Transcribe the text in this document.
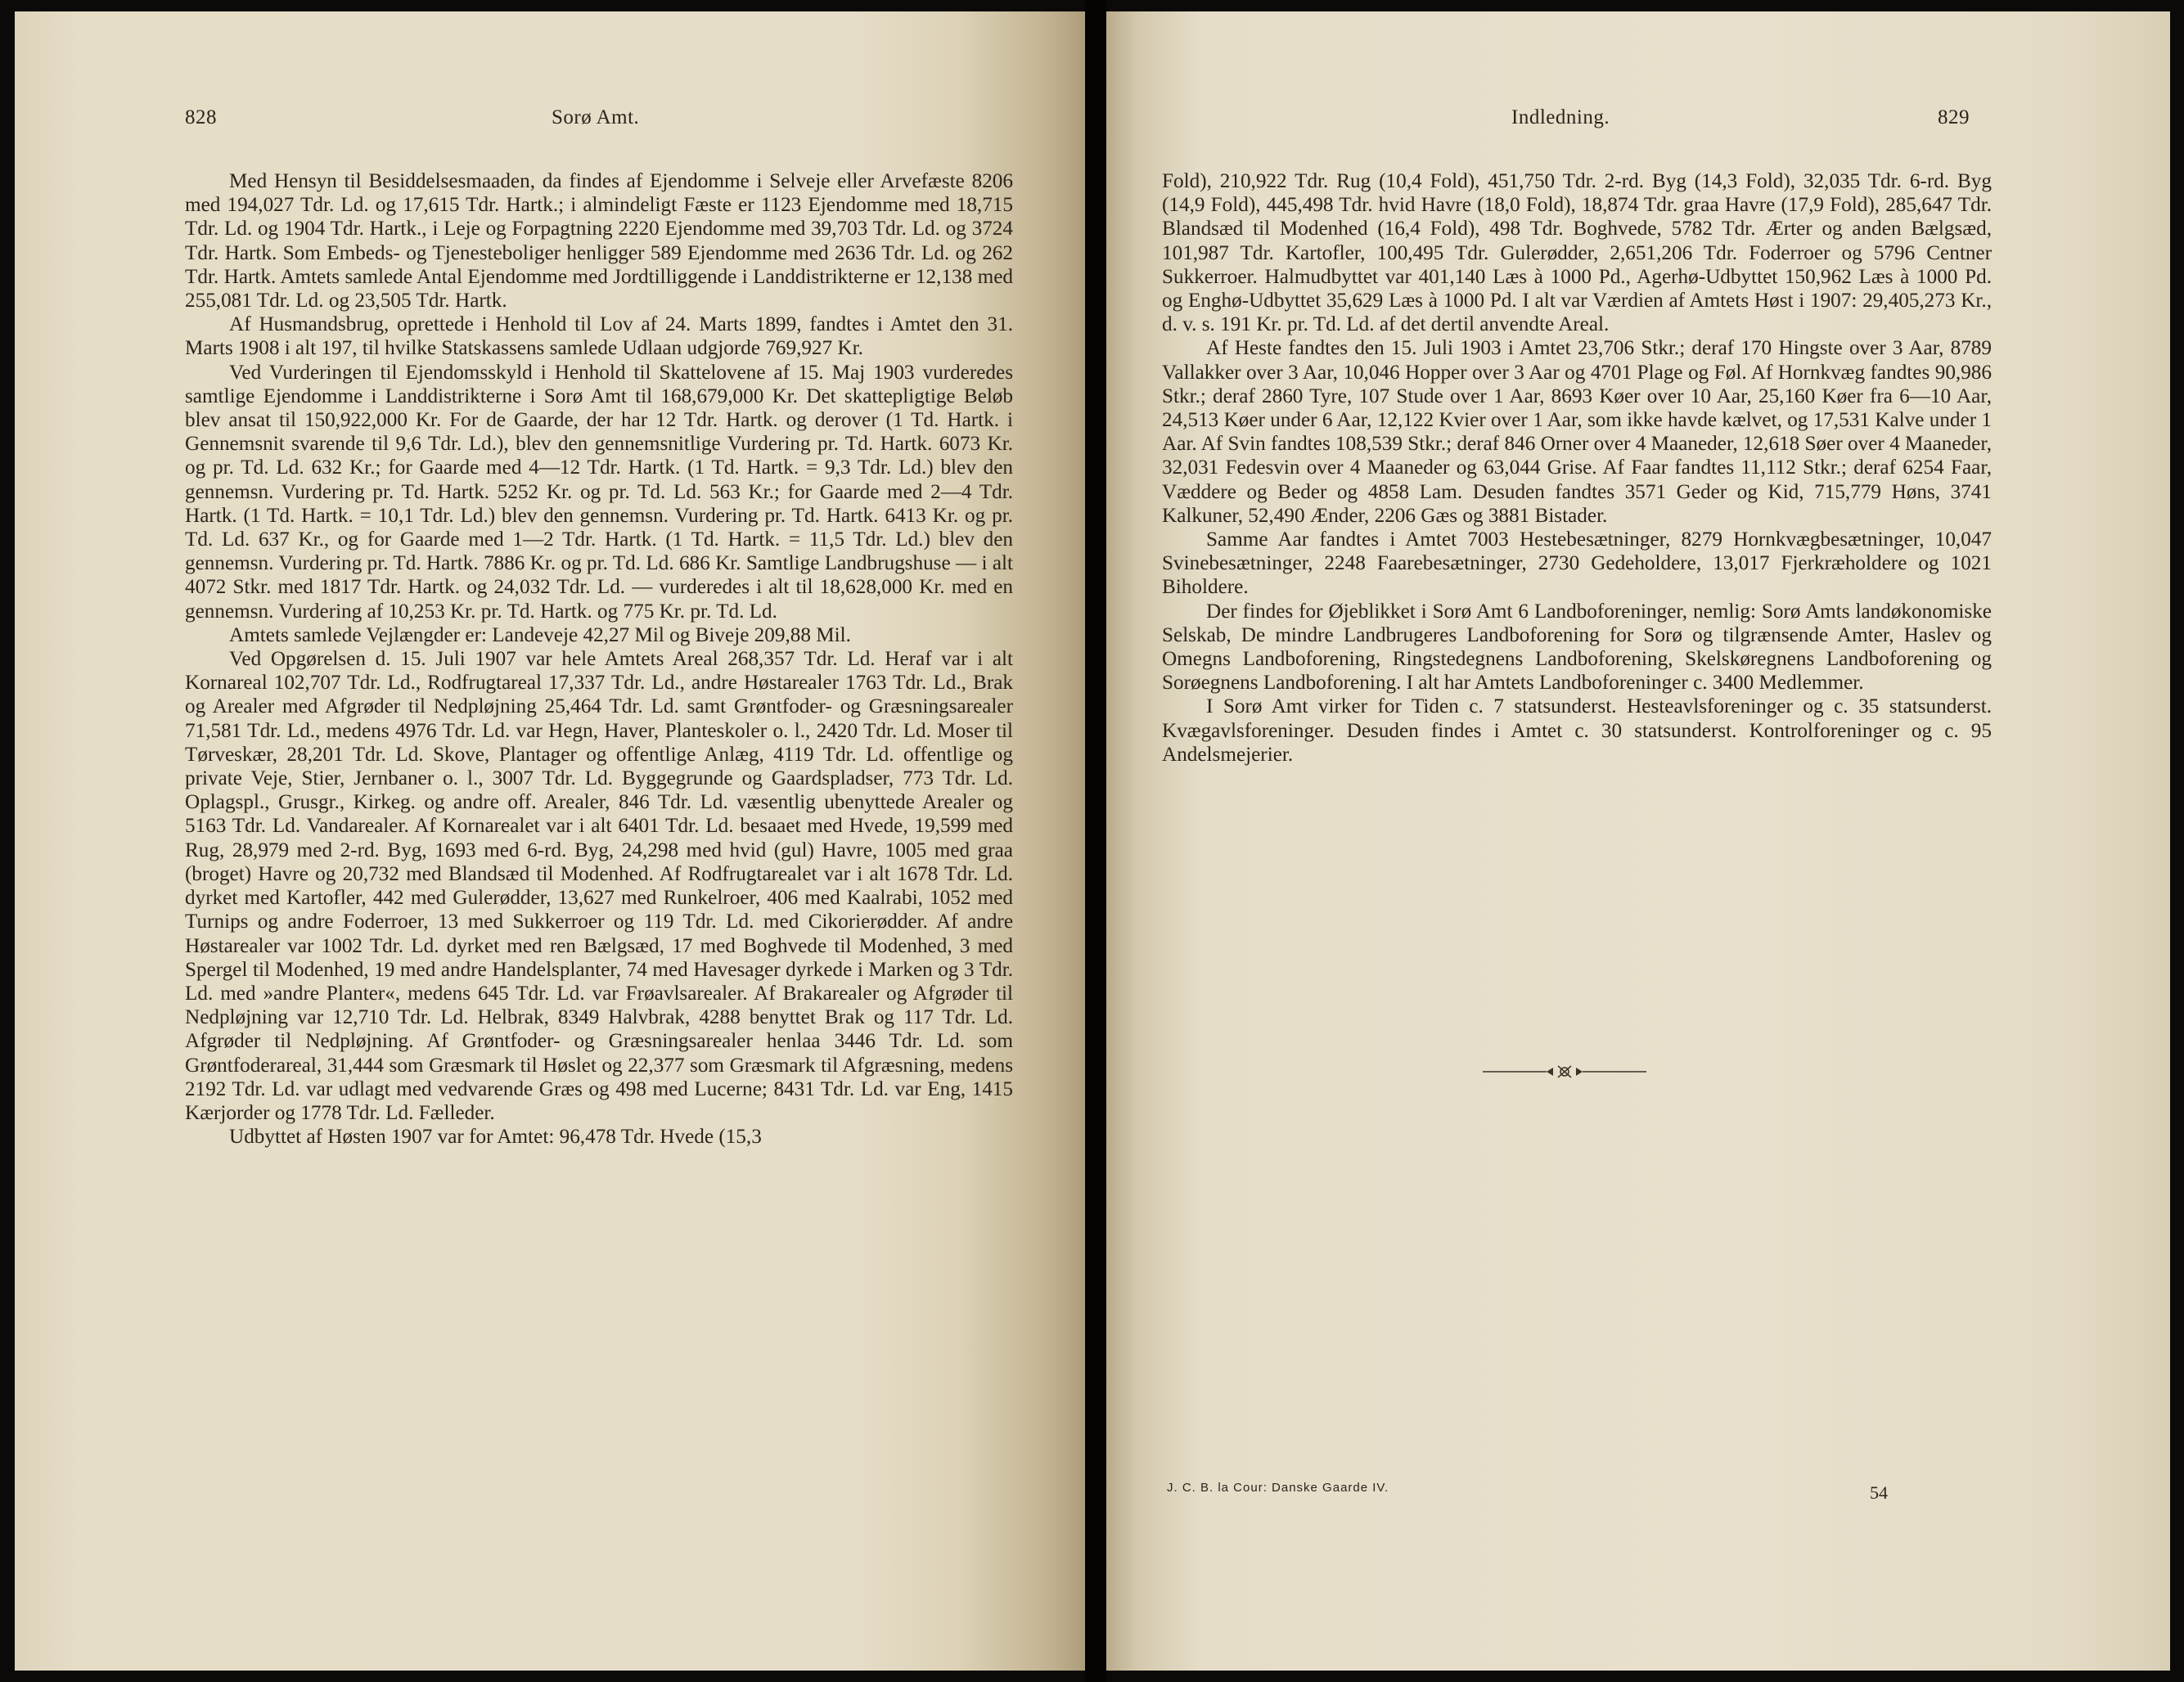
828	Sorø Amt.	Indledning.	829

Med Hensyn til Besiddelsesmaaden, da findes af Ejendomme i Selveje eller Arvefæste 8206 med 194,027 Tdr. Ld. og 17,615 Tdr. Hartk.; i almindeligt Fæste er 1123 Ejendomme med 18,715 Tdr. Ld. og 1904 Tdr. Hartk., i Leje og Forpagtning 2220 Ejendomme med 39,703 Tdr. Ld. og 3724 Tdr. Hartk. Som Embeds- og Tjenesteboliger henligger 589 Ejendomme med 2636 Tdr. Ld. og 262 Tdr. Hartk. Amtets samlede Antal Ejendomme med Jordtilliggende i Landdistrikterne er 12,138 med 255,081 Tdr. Ld. og 23,505 Tdr. Hartk.

Af Husmandsbrug, oprettede i Henhold til Lov af 24. Marts 1899, fandtes i Amtet den 31. Marts 1908 i alt 197, til hvilke Statskassens samlede Udlaan udgjorde 769,927 Kr.

Ved Vurderingen til Ejendomsskyld i Henhold til Skattelovene af 15. Maj 1903 vurderedes samtlige Ejendomme i Landdistrikterne i Sorø Amt til 168,679,000 Kr. Det skattepligtige Beløb blev ansat til 150,922,000 Kr. For de Gaarde, der har 12 Tdr. Hartk. og derover (1 Td. Hartk. i Gennemsnit svarende til 9,6 Tdr. Ld.), blev den gennemsnitlige Vurdering pr. Td. Hartk. 6073 Kr. og pr. Td. Ld. 632 Kr.; for Gaarde med 4—12 Tdr. Hartk. (1 Td. Hartk. = 9,3 Tdr. Ld.) blev den gennemsn. Vurdering pr. Td. Hartk. 5252 Kr. og pr. Td. Ld. 563 Kr.; for Gaarde med 2—4 Tdr. Hartk. (1 Td. Hartk. = 10,1 Tdr. Ld.) blev den gennemsn. Vurdering pr. Td. Hartk. 6413 Kr. og pr. Td. Ld. 637 Kr., og for Gaarde med 1—2 Tdr. Hartk. (1 Td. Hartk. = 11,5 Tdr. Ld.) blev den gennemsn. Vurdering pr. Td. Hartk. 7886 Kr. og pr. Td. Ld. 686 Kr. Samtlige Landbrugshuse — i alt 4072 Stkr. med 1817 Tdr. Hartk. og 24,032 Tdr. Ld. — vurderedes i alt til 18,628,000 Kr. med en gennemsn. Vurdering af 10,253 Kr. pr. Td. Hartk. og 775 Kr. pr. Td. Ld.

Amtets samlede Vejlængder er: Landeveje 42,27 Mil og Biveje 209,88 Mil.

Ved Opgørelsen d. 15. Juli 1907 var hele Amtets Areal 268,357 Tdr. Ld. Heraf var i alt Kornareal 102,707 Tdr. Ld., Rodfrugtareal 17,337 Tdr. Ld., andre Høstarealer 1763 Tdr. Ld., Brak og Arealer med Afgrøder til Nedpløjning 25,464 Tdr. Ld. samt Grøntfoder- og Græsningsarealer 71,581 Tdr. Ld., medens 4976 Tdr. Ld. var Hegn, Haver, Planteskoler o. l., 2420 Tdr. Ld. Moser til Tørveskær, 28,201 Tdr. Ld. Skove, Plantager og offentlige Anlæg, 4119 Tdr. Ld. offentlige og private Veje, Stier, Jernbaner o. l., 3007 Tdr. Ld. Byggegrunde og Gaardspladser, 773 Tdr. Ld. Oplagspl., Grusgr., Kirkeg. og andre off. Arealer, 846 Tdr. Ld. væsentlig ubenyttede Arealer og 5163 Tdr. Ld. Vandarealer. Af Kornarealet var i alt 6401 Tdr. Ld. besaaet med Hvede, 19,599 med Rug, 28,979 med 2-rd. Byg, 1693 med 6-rd. Byg, 24,298 med hvid (gul) Havre, 1005 med graa (broget) Havre og 20,732 med Blandsæd til Modenhed. Af Rodfrugtarealet var i alt 1678 Tdr. Ld. dyrket med Kartofler, 442 med Gulerødder, 13,627 med Runkelroer, 406 med Kaalrabi, 1052 med Turnips og andre Foderroer, 13 med Sukkerroer og 119 Tdr. Ld. med Cikorierødder. Af andre Høstarealer var 1002 Tdr. Ld. dyrket med ren Bælgsæd, 17 med Boghvede til Modenhed, 3 med Spergel til Modenhed, 19 med andre Handelsplanter, 74 med Havesager dyrkede i Marken og 3 Tdr. Ld. med »andre Planter«, medens 645 Tdr. Ld. var Frøavlsarealer. Af Brakarealer og Afgrøder til Nedpløjning var 12,710 Tdr. Ld. Helbrak, 8349 Halvbrak, 4288 benyttet Brak og 117 Tdr. Ld. Afgrøder til Nedpløjning. Af Grøntfoder- og Græsningsarealer henlaa 3446 Tdr. Ld. som Grøntfoderareal, 31,444 som Græsmark til Høslet og 22,377 som Græsmark til Afgræsning, medens 2192 Tdr. Ld. var udlagt med vedvarende Græs og 498 med Lucerne; 8431 Tdr. Ld. var Eng, 1415 Kærjorder og 1778 Tdr. Ld. Fælleder.

Udbyttet af Høsten 1907 var for Amtet: 96,478 Tdr. Hvede (15,3

Fold), 210,922 Tdr. Rug (10,4 Fold), 451,750 Tdr. 2-rd. Byg (14,3 Fold), 32,035 Tdr. 6-rd. Byg (14,9 Fold), 445,498 Tdr. hvid Havre (18,0 Fold), 18,874 Tdr. graa Havre (17,9 Fold), 285,647 Tdr. Blandsæd til Modenhed (16,4 Fold), 498 Tdr. Boghvede, 5782 Tdr. Ærter og anden Bælgsæd, 101,987 Tdr. Kartofler, 100,495 Tdr. Gulerødder, 2,651,206 Tdr. Foderroer og 5796 Centner Sukkerroer. Halmudbyttet var 401,140 Læs à 1000 Pd., Agerhø-Udbyttet 150,962 Læs à 1000 Pd. og Enghø-Udbyttet 35,629 Læs à 1000 Pd. I alt var Værdien af Amtets Høst i 1907: 29,405,273 Kr., d. v. s. 191 Kr. pr. Td. Ld. af det dertil anvendte Areal.

Af Heste fandtes den 15. Juli 1903 i Amtet 23,706 Stkr.; deraf 170 Hingste over 3 Aar, 8789 Vallakker over 3 Aar, 10,046 Hopper over 3 Aar og 4701 Plage og Føl. Af Hornkvæg fandtes 90,986 Stkr.; deraf 2860 Tyre, 107 Stude over 1 Aar, 8693 Køer over 10 Aar, 25,160 Køer fra 6—10 Aar, 24,513 Køer under 6 Aar, 12,122 Kvier over 1 Aar, som ikke havde kælvet, og 17,531 Kalve under 1 Aar. Af Svin fandtes 108,539 Stkr.; deraf 846 Orner over 4 Maaneder, 12,618 Søer over 4 Maaneder, 32,031 Fedesvin over 4 Maaneder og 63,044 Grise. Af Faar fandtes 11,112 Stkr.; deraf 6254 Faar, Væddere og Beder og 4858 Lam. Desuden fandtes 3571 Geder og Kid, 715,779 Høns, 3741 Kalkuner, 52,490 Ænder, 2206 Gæs og 3881 Bistader.

Samme Aar fandtes i Amtet 7003 Hestebesætninger, 8279 Hornkvægbesætninger, 10,047 Svinebesætninger, 2248 Faarebesætninger, 2730 Gedeholdere, 13,017 Fjerkræholdere og 1021 Biholdere.

Der findes for Øjeblikket i Sorø Amt 6 Landboforeninger, nemlig: Sorø Amts landøkonomiske Selskab, De mindre Landbrugeres Landboforening for Sorø og tilgrænsende Amter, Haslev og Omegns Landboforening, Ringstedegnens Landboforening, Skelskøregnens Landboforening og Sorøegnens Landboforening. I alt har Amtets Landboforeninger c. 3400 Medlemmer.

I Sorø Amt virker for Tiden c. 7 statsunderst. Hesteavlsforeninger og c. 35 statsunderst. Kvægavlsforeninger. Desuden findes i Amtet c. 30 statsunderst. Kontrolforeninger og c. 95 Andelsmejerier.

J. C. B. la Cour: Danske Gaarde IV.	54
